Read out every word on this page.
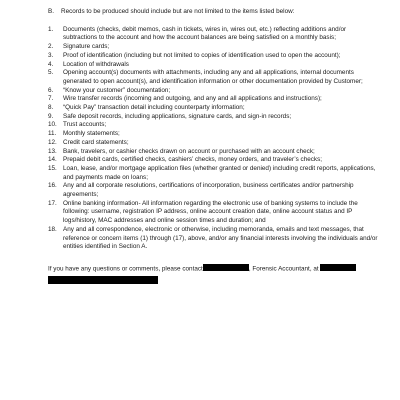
B.	Records to be produced should include but are not limited to the items listed below:
1.	Documents (checks, debit memos, cash in tickets, wires in, wires out, etc.) reflecting additions and/or subtractions to the account and how the account balances are being satisfied on a monthly basis;
2.	Signature cards;
3.	Proof of identification (including but not limited to copies of identification used to open the account);
4.	Location of withdrawals
5.	Opening account(s) documents with attachments, including any and all applications, internal documents generated to open account(s), and identification information or other documentation provided by Customer;
6.	“Know your customer” documentation;
7.	Wire transfer records (incoming and outgoing, and any and all applications and instructions);
8.	“Quick Pay” transaction detail including counterparty information;
9.	Safe deposit records, including applications, signature cards, and sign-in records;
10. Trust accounts;
11.	Monthly statements;
12. Credit card statements;
13. Bank, travelers, or cashier checks drawn on account or purchased with an account check;
14. Prepaid debit cards, certified checks, cashiers’ checks, money orders, and traveler’s checks;
15. Loan, lease, and/or mortgage application files (whether granted or denied) including credit reports, applications, and payments made on loans;
16. Any and all corporate resolutions, certifications of incorporation, business certificates and/or partnership agreements;
17. Online banking information- All information regarding the electronic use of banking systems to include the following: username, registration IP address, online account creation date, online account status and IP logs/history, MAC addresses and online session times and duration; and
18. Any and all correspondence, electronic or otherwise, including memoranda, emails and text messages, that reference or concern items (1) through (17), above, and/or any financial interests involving the individuals and/or entities identified in Section A.
If you have any questions or comments, please contact	, Forensic Accountant, at
